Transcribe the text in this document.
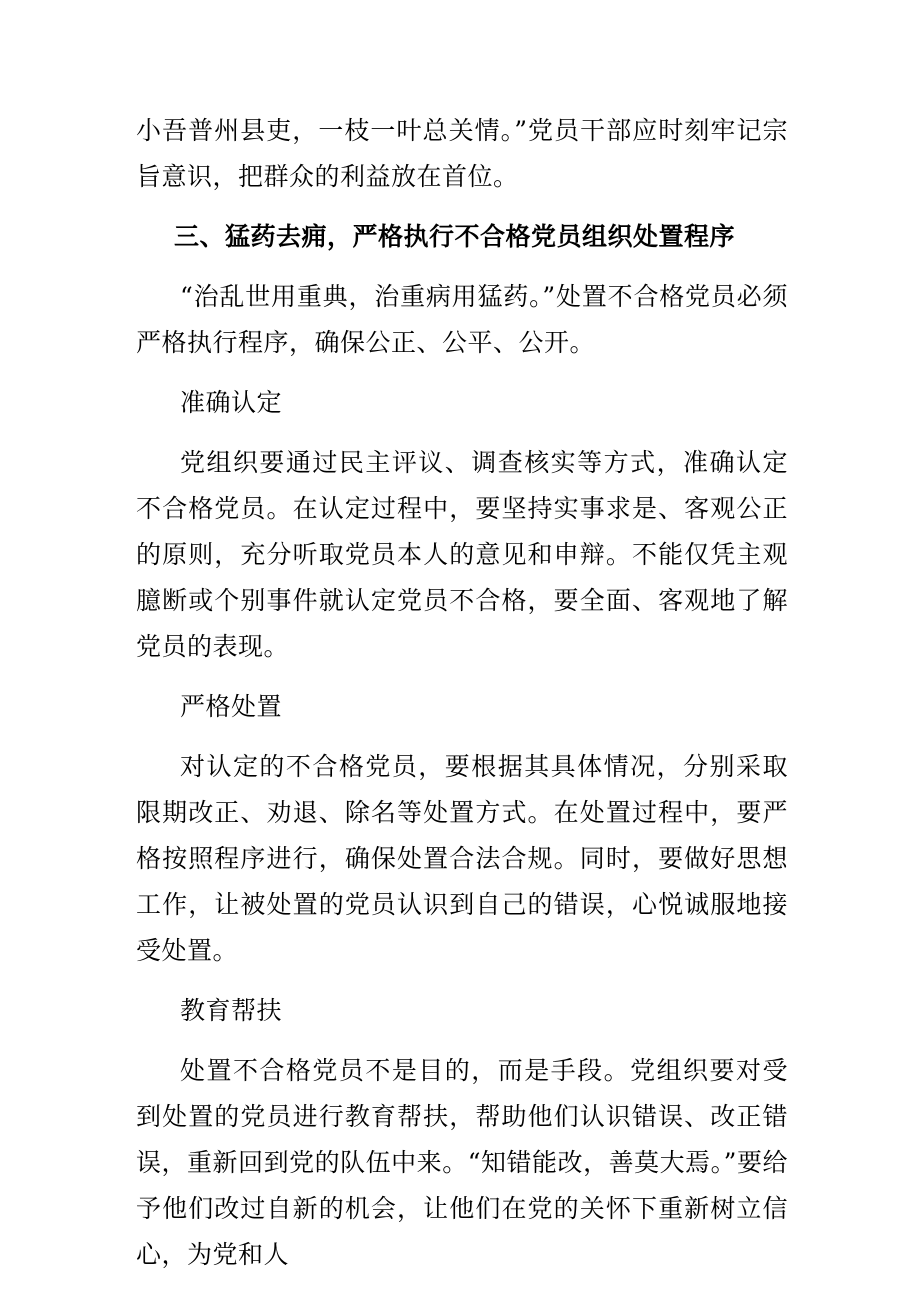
小吾普州县吏，一枝一叶总关情。”党员干部应时刻牢记宗旨意识，把群众的利益放在首位。

三、猛药去痈，严格执行不合格党员组织处置程序

“治乱世用重典，治重病用猛药。”处置不合格党员必须严格执行程序，确保公正、公平、公开。

准确认定

党组织要通过民主评议、调查核实等方式，准确认定不合格党员。在认定过程中，要坚持实事求是、客观公正的原则，充分听取党员本人的意见和申辩。不能仅凭主观臆断或个别事件就认定党员不合格，要全面、客观地了解党员的表现。

严格处置

对认定的不合格党员，要根据其具体情况，分别采取限期改正、劝退、除名等处置方式。在处置过程中，要严格按照程序进行，确保处置合法合规。同时，要做好思想工作，让被处置的党员认识到自己的错误，心悦诚服地接受处置。

教育帮扶

处置不合格党员不是目的，而是手段。党组织要对受到处置的党员进行教育帮扶，帮助他们认识错误、改正错误，重新回到党的队伍中来。“知错能改，善莫大焉。”要给予他们改过自新的机会，让他们在党的关怀下重新树立信心，为党和人
